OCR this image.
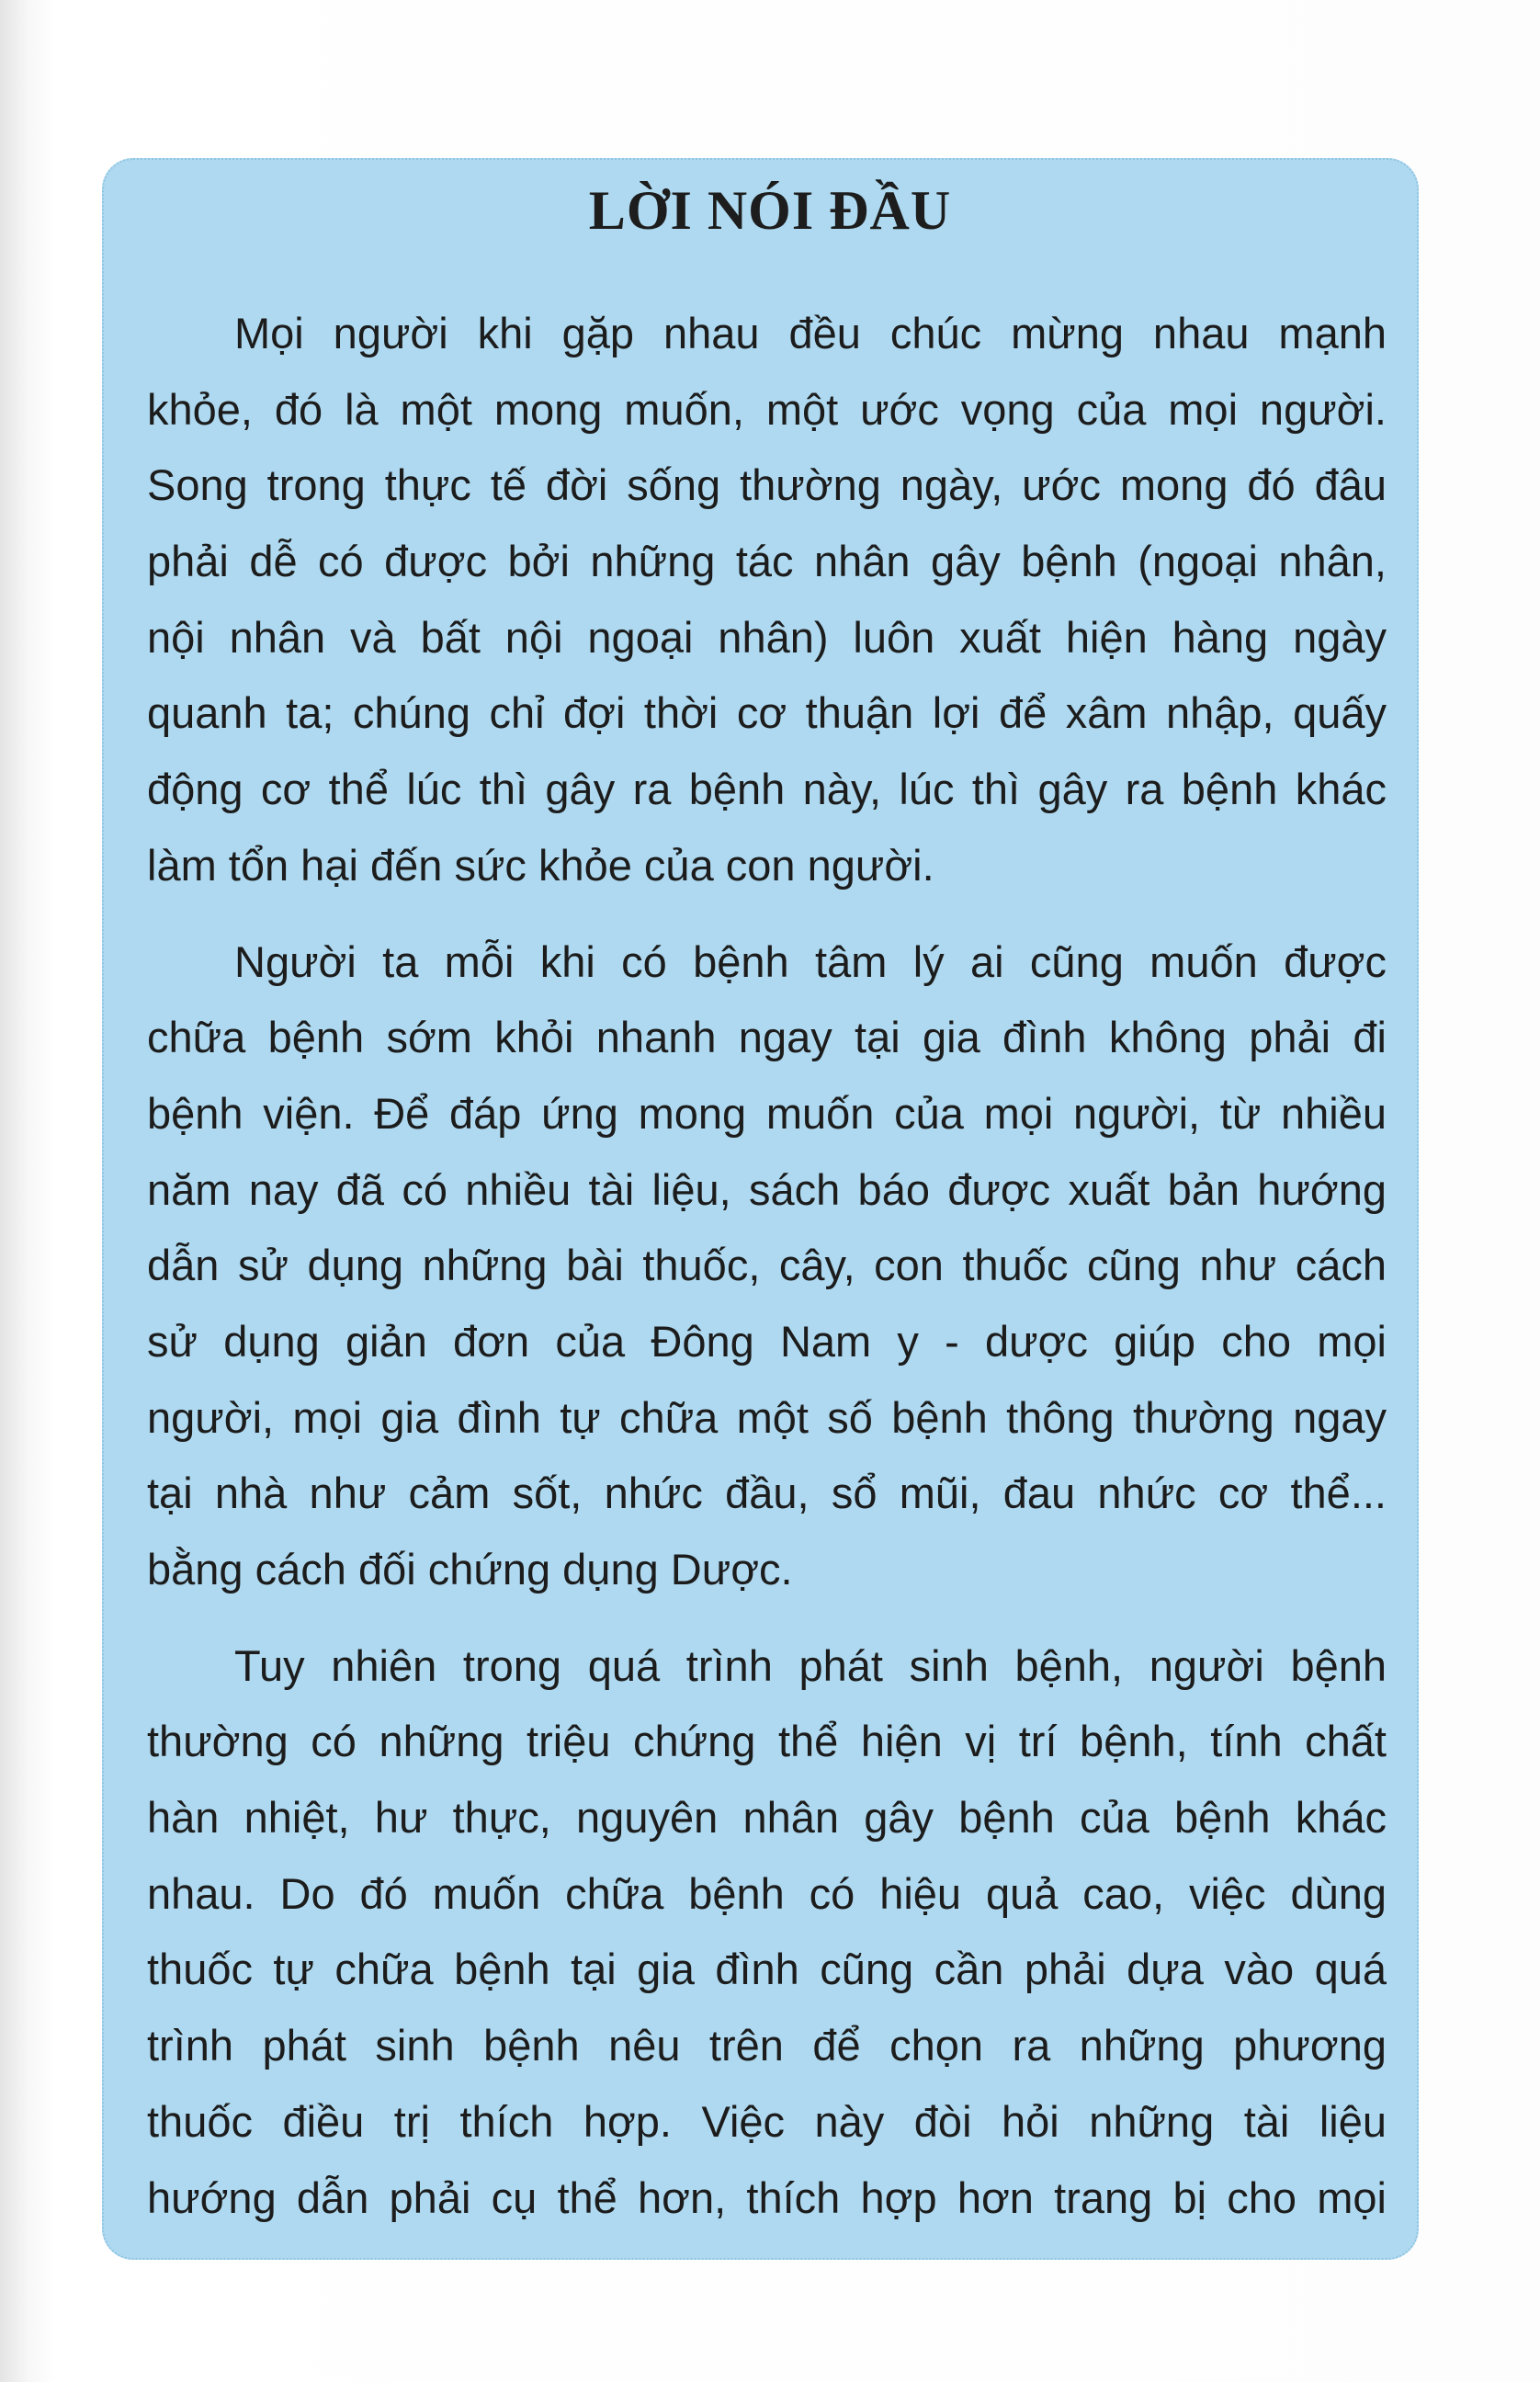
LỜI NÓI ĐẦU
Mọi người khi gặp nhau đều chúc mừng nhau mạnh
khỏe, đó là một mong muốn, một ước vọng của mọi người.
Song trong thực tế đời sống thường ngày, ước mong đó đâu
phải dễ có được bởi những tác nhân gây bệnh (ngoại nhân,
nội nhân và bất nội ngoại nhân) luôn xuất hiện hàng ngày
quanh ta; chúng chỉ đợi thời cơ thuận lợi để xâm nhập, quấy
động cơ thể lúc thì gây ra bệnh này, lúc thì gây ra bệnh khác
làm tổn hại đến sức khỏe của con người.
Người ta mỗi khi có bệnh tâm lý ai cũng muốn được
chữa bệnh sớm khỏi nhanh ngay tại gia đình không phải đi
bệnh viện. Để đáp ứng mong muốn của mọi người, từ nhiều
năm nay đã có nhiều tài liệu, sách báo được xuất bản hướng
dẫn sử dụng những bài thuốc, cây, con thuốc cũng như cách
sử dụng giản đơn của Đông Nam y - dược giúp cho mọi
người, mọi gia đình tự chữa một số bệnh thông thường ngay
tại nhà như cảm sốt, nhức đầu, sổ mũi, đau nhức cơ thể...
bằng cách đối chứng dụng Dược.
Tuy nhiên trong quá trình phát sinh bệnh, người bệnh
thường có những triệu chứng thể hiện vị trí bệnh, tính chất
hàn nhiệt, hư thực, nguyên nhân gây bệnh của bệnh khác
nhau. Do đó muốn chữa bệnh có hiệu quả cao, việc dùng
thuốc tự chữa bệnh tại gia đình cũng cần phải dựa vào quá
trình phát sinh bệnh nêu trên để chọn ra những phương
thuốc điều trị thích hợp. Việc này đòi hỏi những tài liệu
hướng dẫn phải cụ thể hơn, thích hợp hơn trang bị cho mọi
